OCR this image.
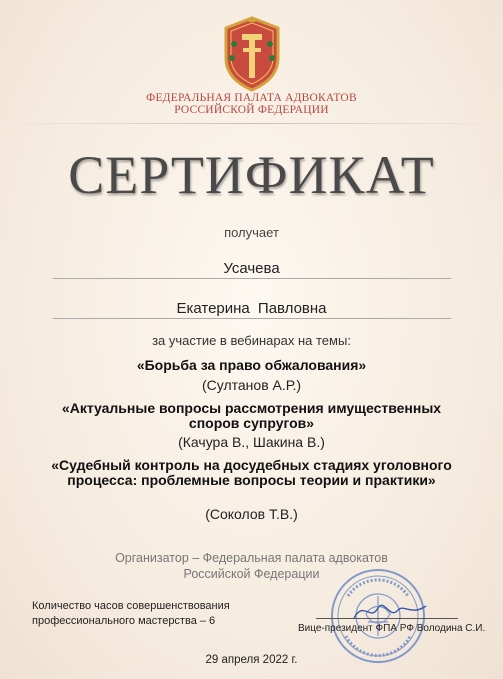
ФЕДЕРАЛЬНАЯ ПАЛАТА АДВОКАТОВ
РОССИЙСКОЙ ФЕДЕРАЦИИ
СЕРТИФИКАТ
получает
Усачева
Екатерина Павловна
за участие в вебинарах на темы:
«Борьба за право обжалования»
(Султанов А.Р.)
«Актуальные вопросы рассмотрения имущественных споров супругов»
(Качура В., Шакина В.)
«Судебный контроль на досудебных стадиях уголовного процесса: проблемные вопросы теории и практики»
(Соколов Т.В.)
Организатор – Федеральная палата адвокатов
Российской Федерации
Количество часов совершенствования
профессионального мастерства – 6
Вице-президент ФПА РФ Володина С.И.
29 апреля 2022 г.
